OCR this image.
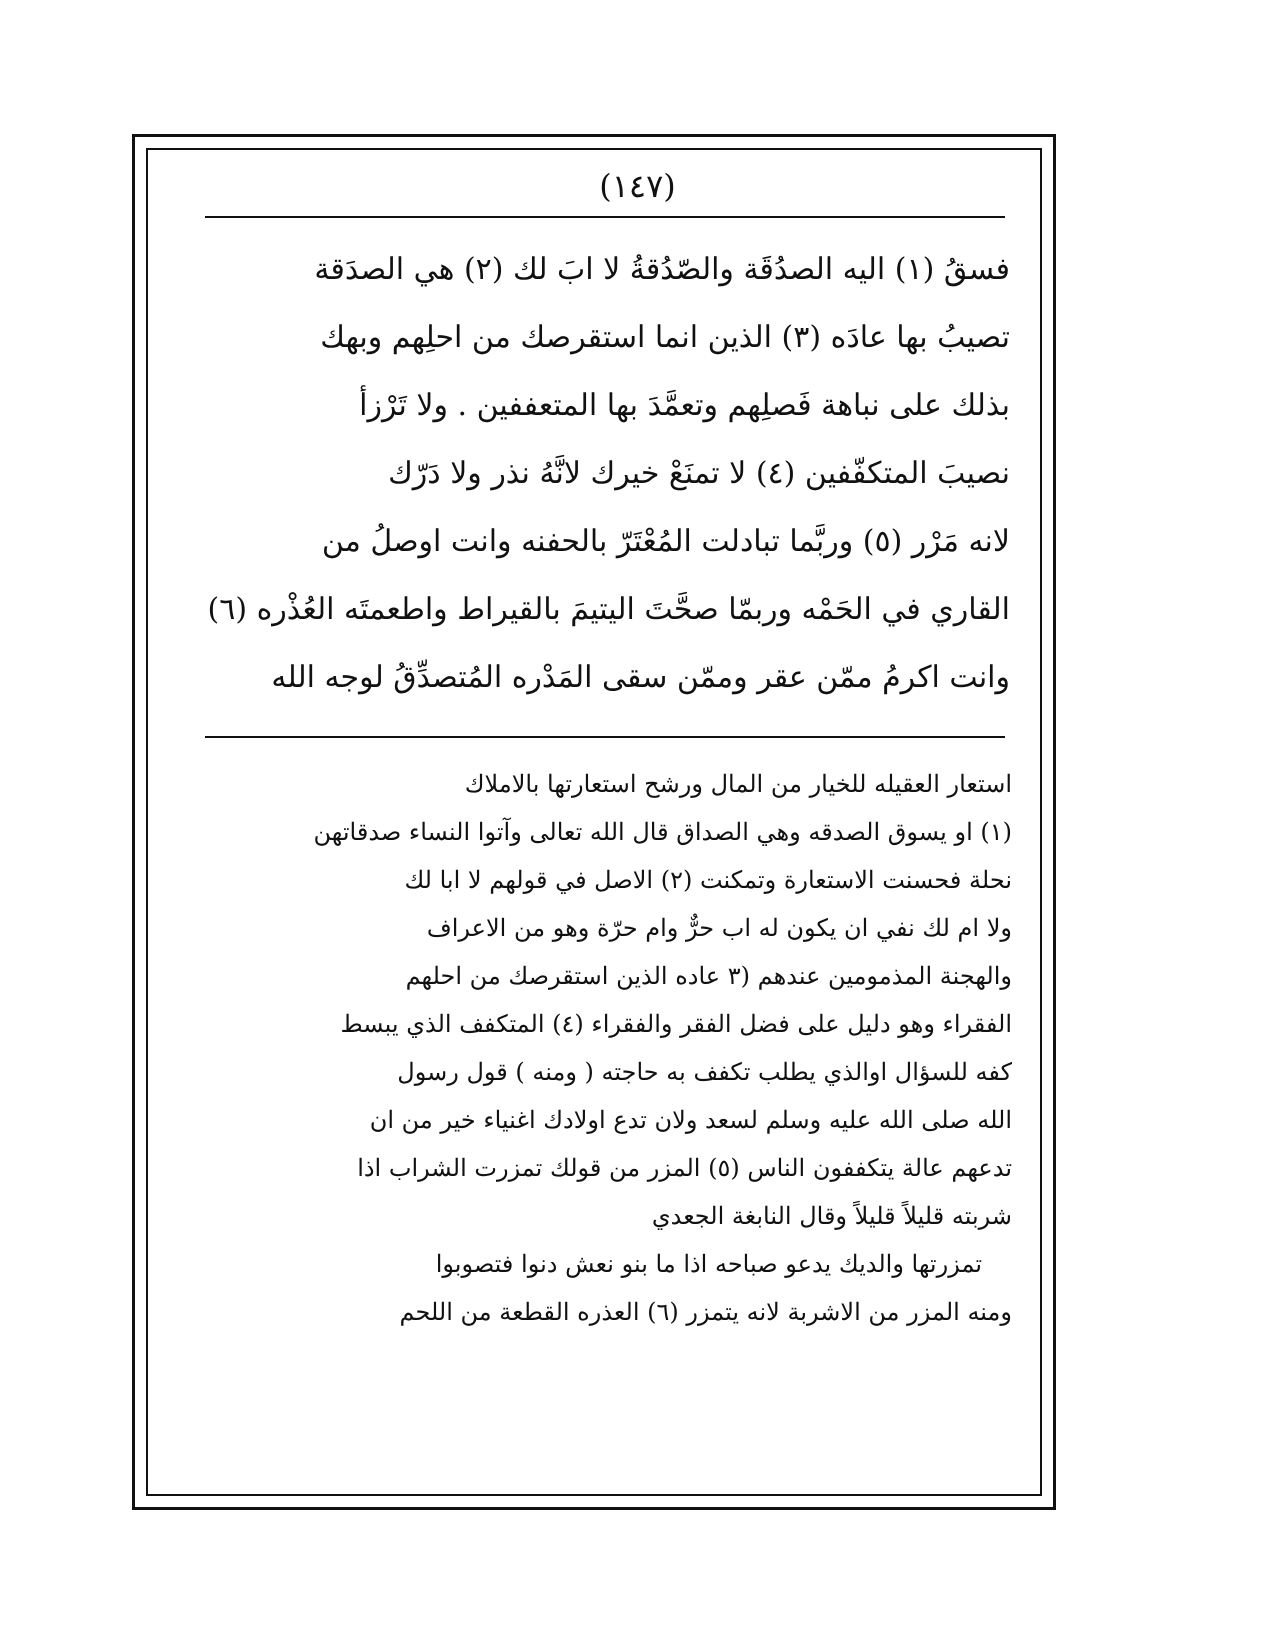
(١٤٧)
فسقُ (١) اليه الصدُقَة والصّدُقةُ لا ابَ لك (٢) هي الصدَقة
تصيبُ بها عادَه (٣) الذين انما استقرصك من احلِهم وبهك
بذلك على نباهة فَصلِهم وتعمَّدَ بها المتعففين . ولا تَرْزأ
نصيبَ المتكفّفين (٤) لا تمنَعْ خيرك لانَّهُ نذر ولا دَرّك
لانه مَرْر (٥) وربَّما تبادلت المُعْتَرّ بالحفنه وانت اوصلُ من
القاري في الحَمْه وربمّا صحَّتَ اليتيمَ بالقيراط واطعمتَه العُذْره (٦)
وانت اكرمُ ممّن عقر وممّن سقى المَدْره المُتصدِّقُ لوجه الله
استعار العقيله للخيار من المال ورشح استعارتها بالاملاك
(١) او يسوق الصدقه وهي الصداق قال الله تعالى وآتوا النساء صدقاتهن
نحلة فحسنت الاستعارة وتمكنت (٢) الاصل في قولهم لا ابا لك
ولا ام لك نفي ان يكون له اب حرٌّ وام حرّة وهو من الاعراف
والهجنة المذمومين عندهم (٣ عاده الذين استقرصك من احلهم
الفقراء وهو دليل على فضل الفقر والفقراء (٤) المتكفف الذي يبسط
كفه للسؤال اوالذي يطلب تكفف به حاجته ( ومنه ) قول رسول
الله صلى الله عليه وسلم لسعد ولان تدع اولادك اغنياء خير من ان
تدعهم عالة يتكففون الناس (٥) المزر من قولك تمزرت الشراب اذا
شربته قليلاً قليلاً وقال النابغة الجعدي
تمزرتها والديك يدعو صباحه اذا ما بنو نعش دنوا فتصوبوا
ومنه المزر من الاشربة لانه يتمزر (٦) العذره القطعة من اللحم
